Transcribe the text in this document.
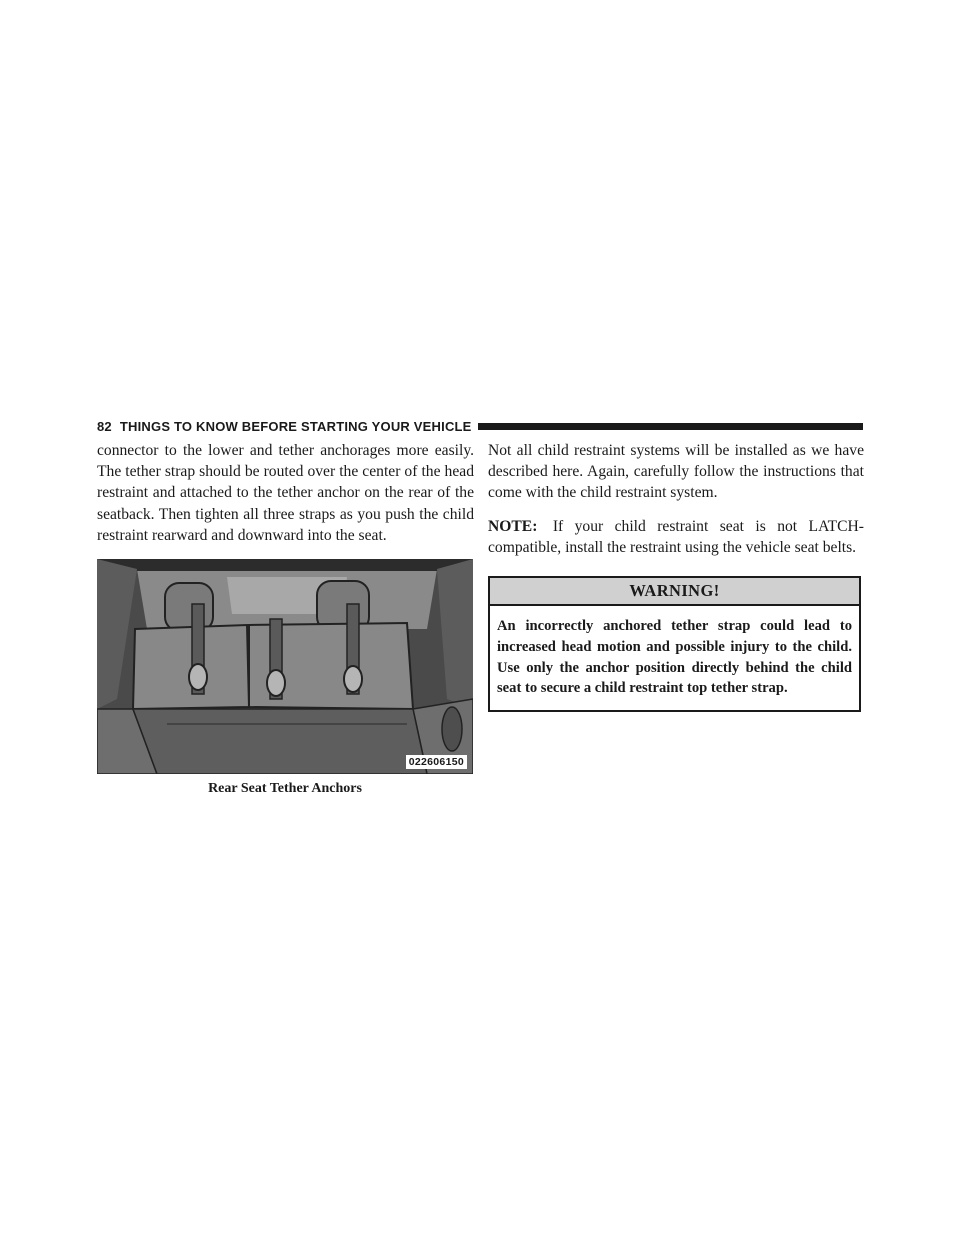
82 THINGS TO KNOW BEFORE STARTING YOUR VEHICLE

connector to the lower and tether anchorages more easily. The tether strap should be routed over the center of the head restraint and attached to the tether anchor on the rear of the seatback. Then tighten all three straps as you push the child restraint rearward and downward into the seat.

022606150
Rear Seat Tether Anchors

Not all child restraint systems will be installed as we have described here. Again, carefully follow the instructions that come with the child restraint system.

NOTE: If your child restraint seat is not LATCH-compatible, install the restraint using the vehicle seat belts.

WARNING!
An incorrectly anchored tether strap could lead to increased head motion and possible injury to the child. Use only the anchor position directly behind the child seat to secure a child restraint top tether strap.
